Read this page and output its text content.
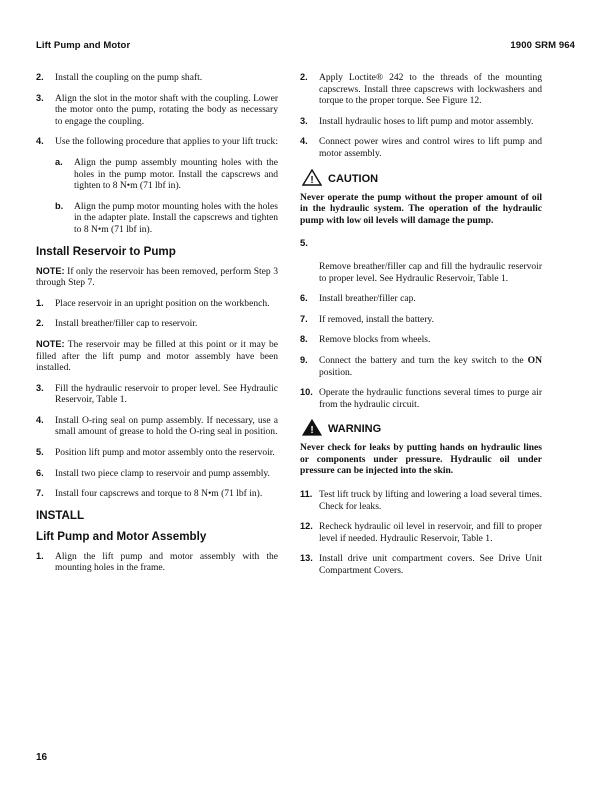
Lift Pump and Motor	1900 SRM 964
2. Install the coupling on the pump shaft.
3. Align the slot in the motor shaft with the coupling. Lower the motor onto the pump, rotating the body as necessary to engage the coupling.
4. Use the following procedure that applies to your lift truck:
a. Align the pump assembly mounting holes with the holes in the pump motor. Install the capscrews and tighten to 8 N•m (71 lbf in).
b. Align the pump motor mounting holes with the holes in the adapter plate. Install the capscrews and tighten to 8 N•m (71 lbf in).
Install Reservoir to Pump
NOTE: If only the reservoir has been removed, perform Step 3 through Step 7.
1. Place reservoir in an upright position on the workbench.
2. Install breather/filler cap to reservoir.
NOTE: The reservoir may be filled at this point or it may be filled after the lift pump and motor assembly have been installed.
3. Fill the hydraulic reservoir to proper level. See Hydraulic Reservoir, Table 1.
4. Install O-ring seal on pump assembly. If necessary, use a small amount of grease to hold the O-ring seal in position.
5. Position lift pump and motor assembly onto the reservoir.
6. Install two piece clamp to reservoir and pump assembly.
7. Install four capscrews and torque to 8 N•m (71 lbf in).
INSTALL
Lift Pump and Motor Assembly
1. Align the lift pump and motor assembly with the mounting holes in the frame.
2. Apply Loctite® 242 to the threads of the mounting capscrews. Install three capscrews with lockwashers and torque to the proper torque. See Figure 12.
3. Install hydraulic hoses to lift pump and motor assembly.
4. Connect power wires and control wires to lift pump and motor assembly.
! CAUTION
Never operate the pump without the proper amount of oil in the hydraulic system. The operation of the hydraulic pump with low oil levels will damage the pump.
5.
Remove breather/filler cap and fill the hydraulic reservoir to proper level. See Hydraulic Reservoir, Table 1.
6. Install breather/filler cap.
7. If removed, install the battery.
8. Remove blocks from wheels.
9. Connect the battery and turn the key switch to the ON position.
10. Operate the hydraulic functions several times to purge air from the hydraulic circuit.
! WARNING
Never check for leaks by putting hands on hydraulic lines or components under pressure. Hydraulic oil under pressure can be injected into the skin.
11. Test lift truck by lifting and lowering a load several times. Check for leaks.
12. Recheck hydraulic oil level in reservoir, and fill to proper level if needed. Hydraulic Reservoir, Table 1.
13. Install drive unit compartment covers. See Drive Unit Compartment Covers.
16
